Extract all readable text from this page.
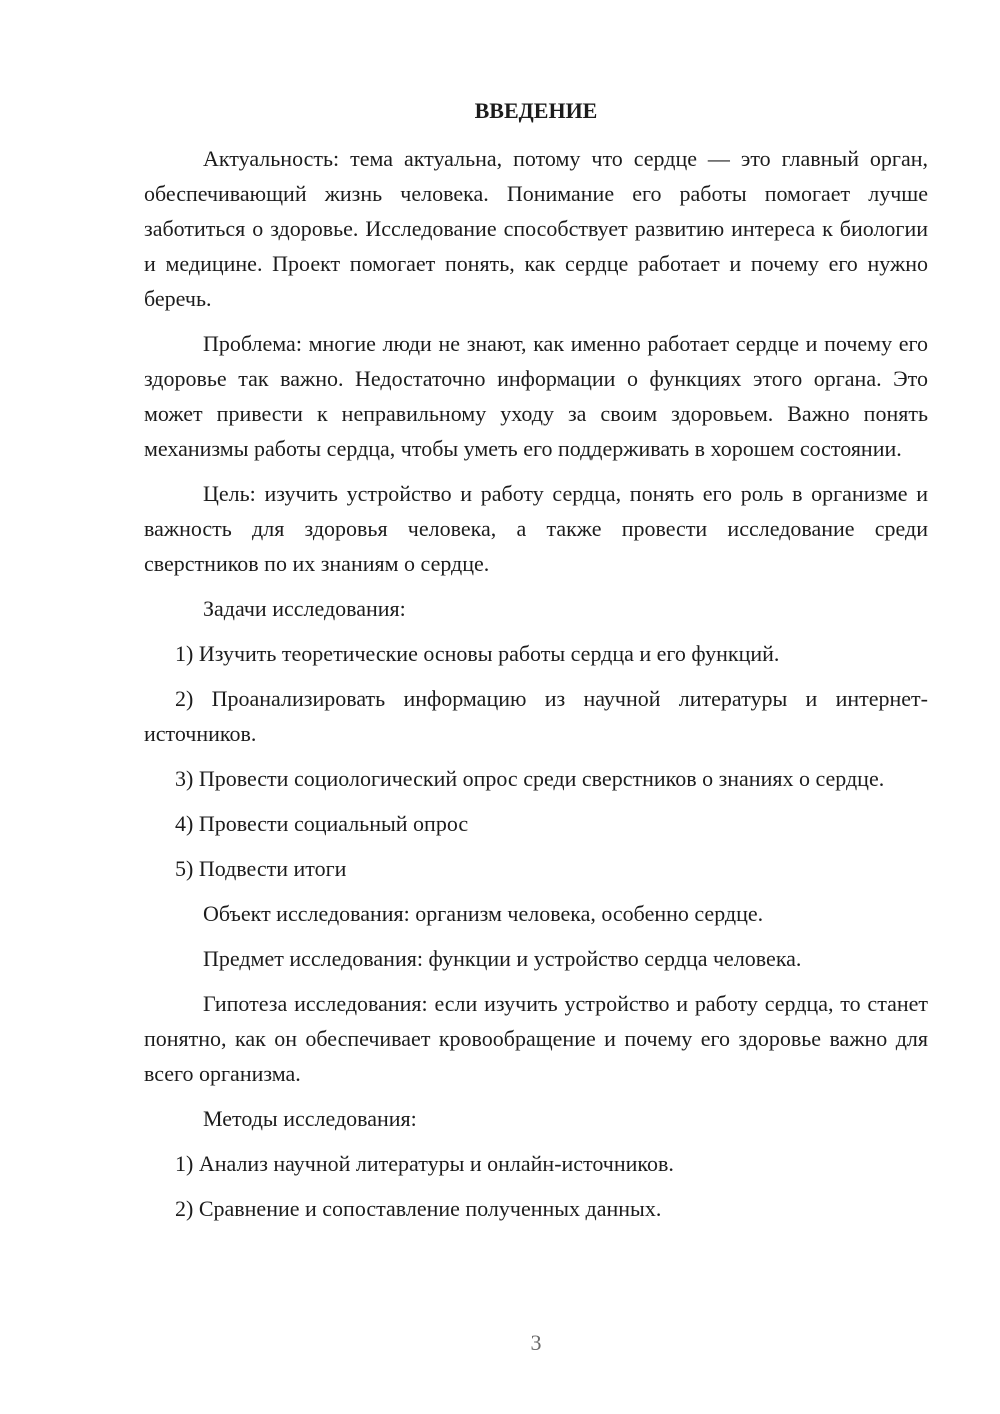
ВВЕДЕНИЕ

Актуальность: тема актуальна, потому что сердце — это главный орган, обеспечивающий жизнь человека. Понимание его работы помогает лучше заботиться о здоровье. Исследование способствует развитию интереса к биологии и медицине. Проект помогает понять, как сердце работает и почему его нужно беречь.

Проблема: многие люди не знают, как именно работает сердце и почему его здоровье так важно. Недостаточно информации о функциях этого органа. Это может привести к неправильному уходу за своим здоровьем. Важно понять механизмы работы сердца, чтобы уметь его поддерживать в хорошем состоянии.

Цель: изучить устройство и работу сердца, понять его роль в организме и важность для здоровья человека, а также провести исследование среди сверстников по их знаниям о сердце.

Задачи исследования:

1) Изучить теоретические основы работы сердца и его функций.

2) Проанализировать информацию из научной литературы и интернет-источников.

3) Провести социологический опрос среди сверстников о знаниях о сердце.

4) Провести социальный опрос

5) Подвести итоги

Объект исследования: организм человека, особенно сердце.

Предмет исследования: функции и устройство сердца человека.

Гипотеза исследования: если изучить устройство и работу сердца, то станет понятно, как он обеспечивает кровообращение и почему его здоровье важно для всего организма.

Методы исследования:

1) Анализ научной литературы и онлайн-источников.

2) Сравнение и сопоставление полученных данных.

3
